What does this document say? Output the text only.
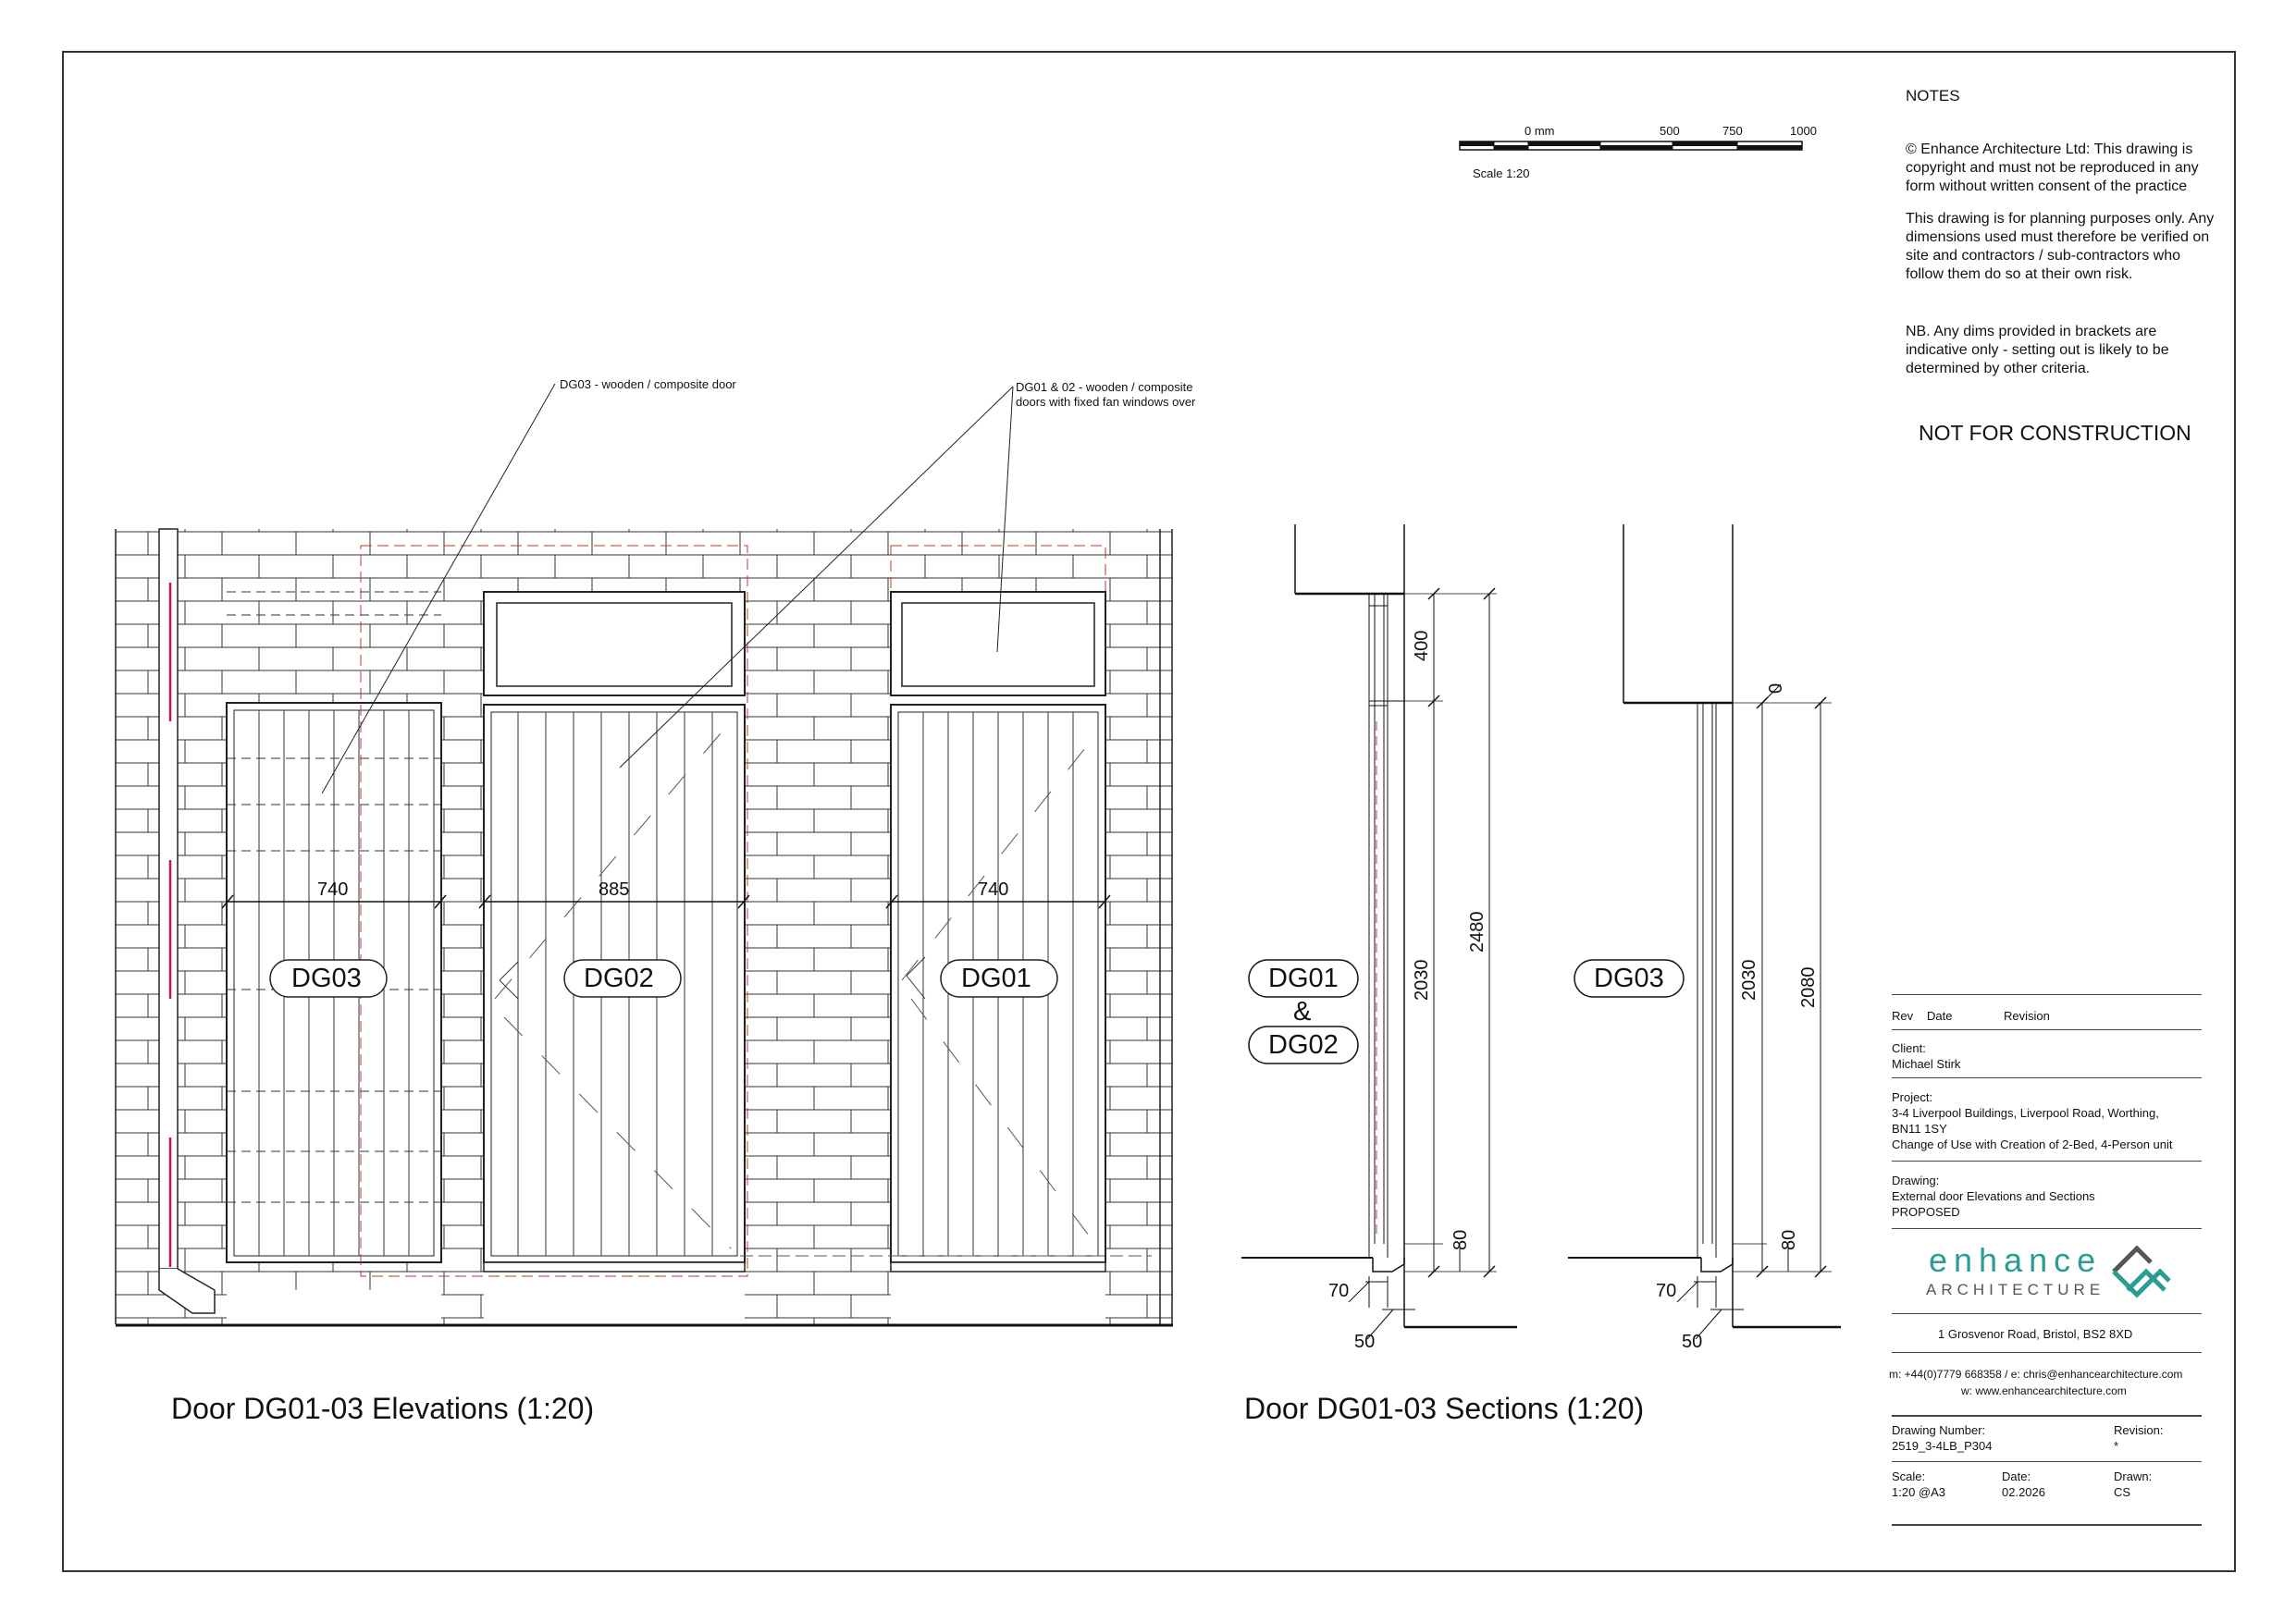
0 mm	500	750	1000
Scale 1:20
DG03 - wooden / composite door	DG01 & 02 - wooden / composite
doors with fixed fan windows over
740	885	740
DG03	DG02	DG01	DG01
&
DG02
DG03
400
2030
2480
80
70
50
0
2030 2080
80
70
50
Door DG01-03 Elevations (1:20)	Door DG01-03 Sections (1:20)
NOTES
© Enhance Architecture Ltd: This drawing is copyright and must not be reproduced in any form without written consent of the practice
This drawing is for planning purposes only. Any dimensions used must therefore be verified on site and contractors / sub-contractors who follow them do so at their own risk.
NB. Any dims provided in brackets are indicative only - setting out is likely to be determined by other criteria.
NOT FOR CONSTRUCTION
Rev Date	Revision
Client:
Michael Stirk
Project:
3-4 Liverpool Buildings, Liverpool Road, Worthing,
BN11 1SY
Change of Use with Creation of 2-Bed, 4-Person unit
Drawing:
External door Elevations and Sections
PROPOSED
enhance
ARCHITECTURE
1 Grosvenor Road, Bristol, BS2 8XD
m: +44(0)7779 668358 / e: chris@enhancearchitecture.com
w: www.enhancearchitecture.com
Drawing Number:
2519_3-4LB_P304
Revision:
*
Scale:
1:20 @A3
Date:
02.2026
Drawn:
CS
